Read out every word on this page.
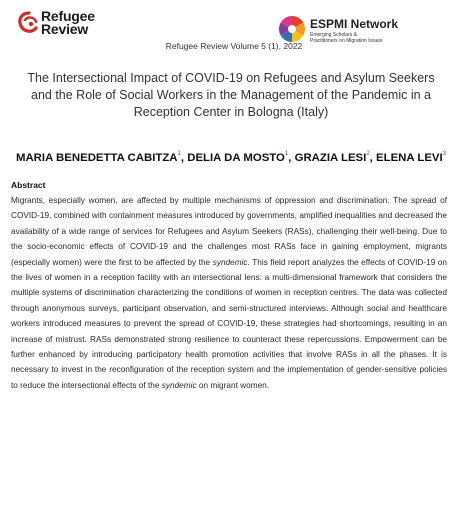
Refugee
Review	ESPMI Network
Emerging Scholars &
Practitioners on Migration Issues
Refugee Review Volume 5 (1), 2022
The Intersectional Impact of COVID-19 on Refugees and Asylum Seekers and the Role of Social Workers in the Management of the Pandemic in a Reception Center in Bologna (Italy)
MARIA BENEDETTA CABITZA$^1$, DELIA DA MOSTO$^1$, GRAZIA LESI$^2$, ELENA LEVI$^3$
Abstract

Migrants, especially women, are affected by multiple mechanisms of oppression and discrimination. The spread of COVID-19, combined with containment measures introduced by governments, amplified inequalities and decreased the availability of a wide range of services for Refugees and Asylum Seekers (RASs), challenging their well-being. Due to the socio-economic effects of COVID-19 and the challenges most RASs face in gaining employment, migrants (especially women) were the first to be affected by the syndemic. This field report analyzes the effects of COVID-19 on the lives of women in a reception facility with an intersectional lens: a multi-dimensional framework that considers the multiple systems of discrimination characterizing the conditions of women in reception centres. The data was collected through anonymous surveys, participant observation, and semi-structured interviews. Although social and healthcare workers introduced measures to prevent the spread of COVID-19, these strategies had shortcomings, resulting in an increase of mistrust. RASs demonstrated strong resilience to counteract these repercussions. Empowerment can be further enhanced by introducing participatory health promotion activities that involve RASs in all the phases. It is necessary to invest in the reconfiguration of the reception system and the implementation of gender-sensitive policies to reduce the intersectional effects of the syndemic on migrant women.
